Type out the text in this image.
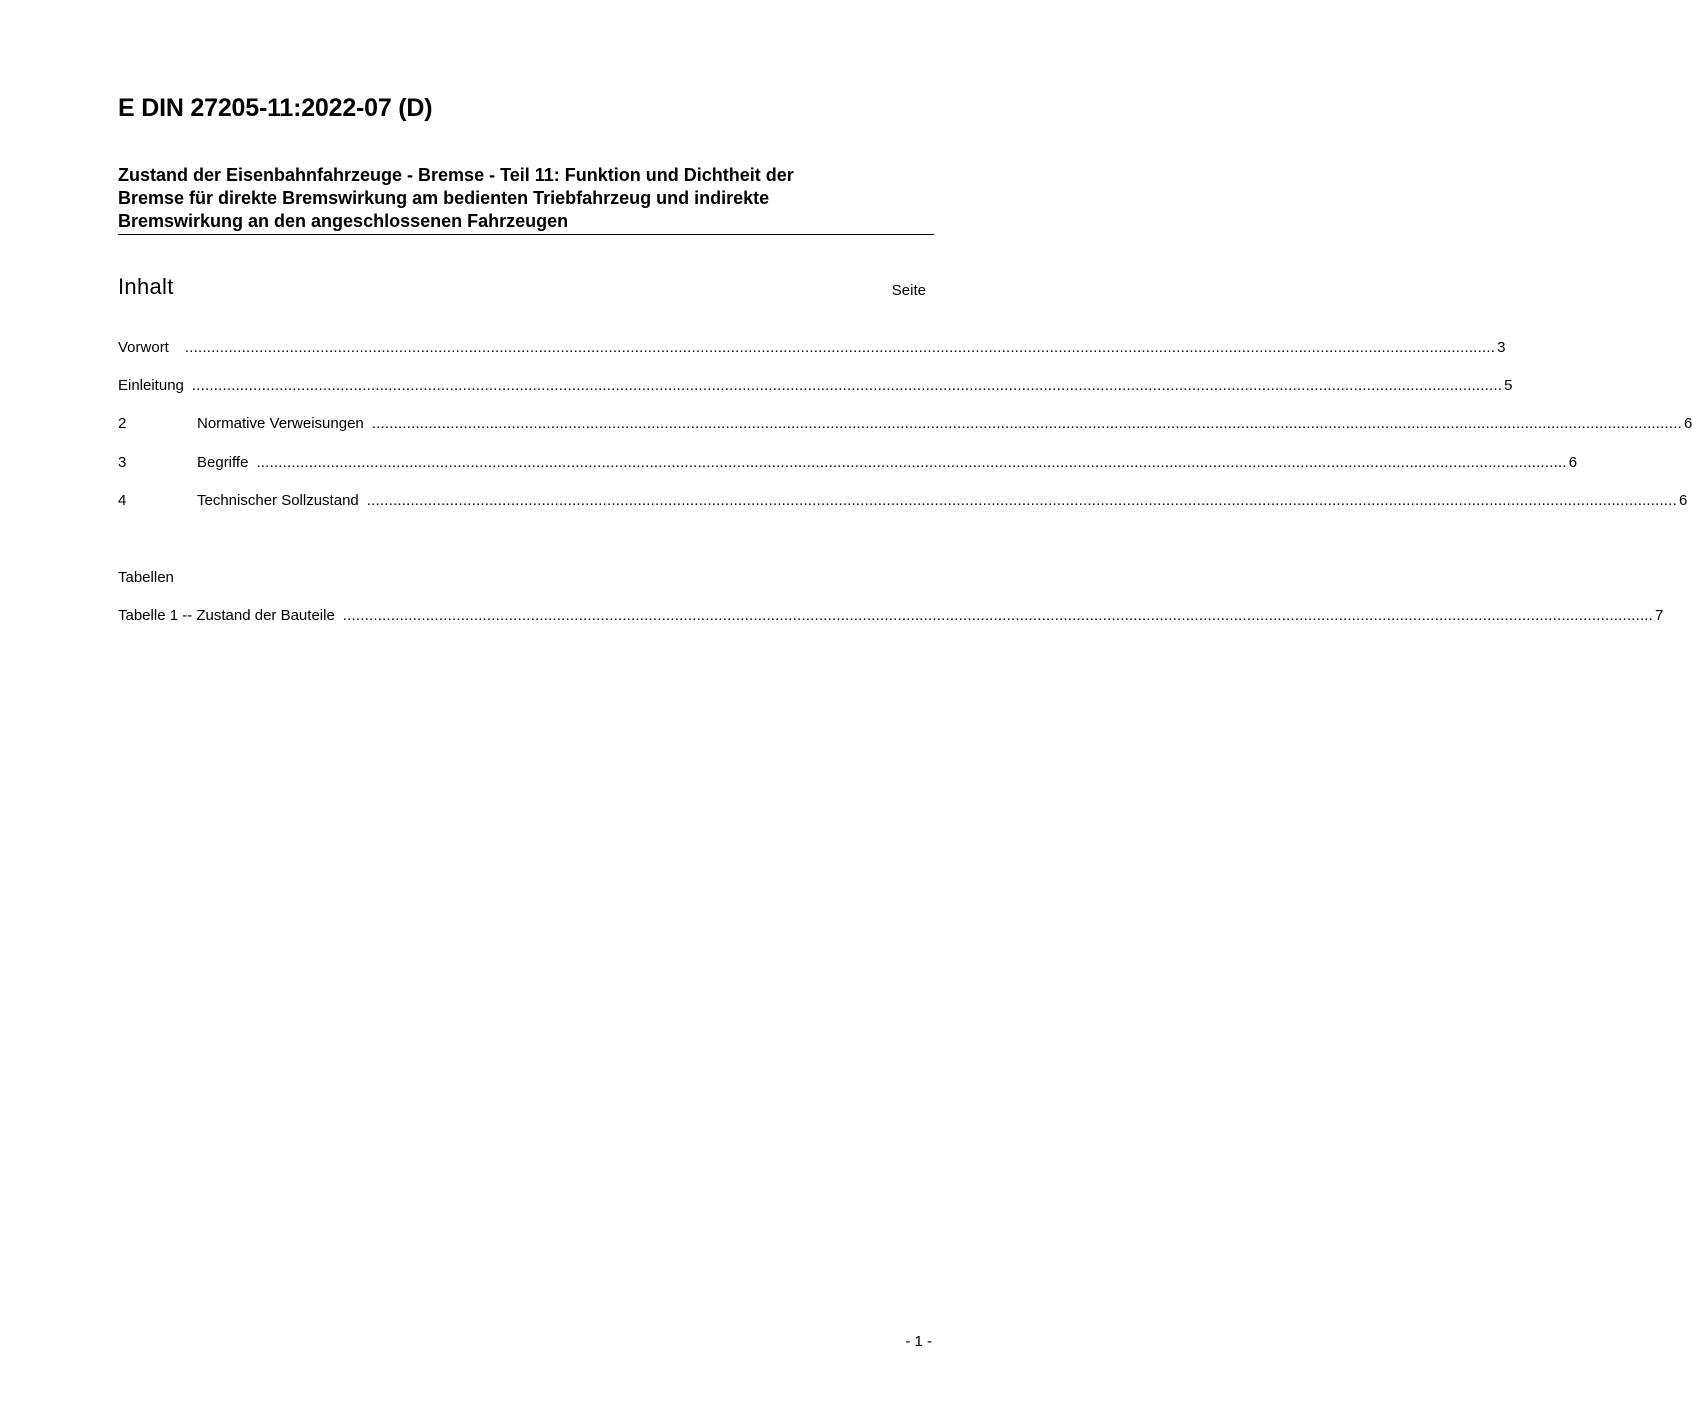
E DIN 27205-11:2022-07 (D)
Zustand der Eisenbahnfahrzeuge - Bremse - Teil 11: Funktion und Dichtheit der
Bremse für direkte Bremswirkung am bedienten Triebfahrzeug und indirekte
Bremswirkung an den angeschlossenen Fahrzeugen
Inhalt	Seite
Vorwort ............................................................................................................................................................................................................................................................................................................ 3
Einleitung ............................................................................................................................................................................................................................................................................................................ 5
2	Normative Verweisungen ............................................................................................................................................................................................................................................................................................................ 6
3	Begriffe ............................................................................................................................................................................................................................................................................................................ 6
4	Technischer Sollzustand ............................................................................................................................................................................................................................................................................................................ 6
Tabellen
Tabelle 1 -- Zustand der Bauteile ............................................................................................................................................................................................................................................................................................................ 7
- 1 -
